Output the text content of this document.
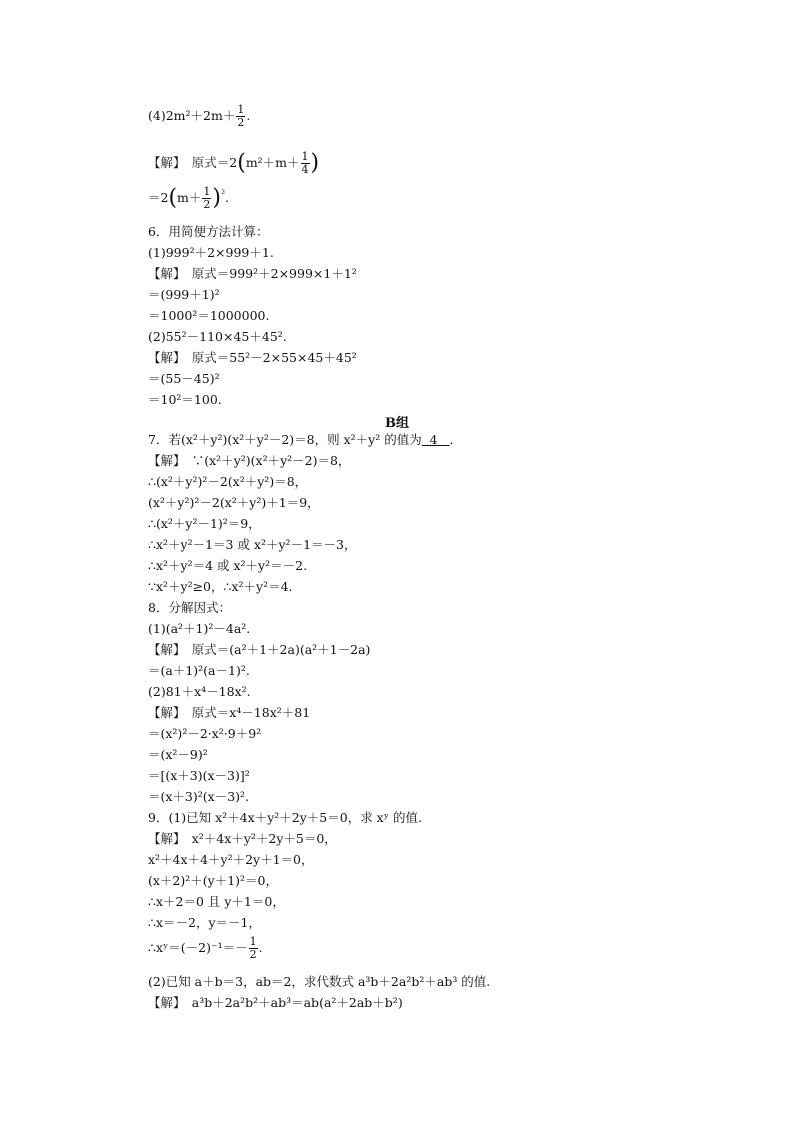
$(4)2m^2+2m+ \frac{1}{2}$ .
【解】　原式$=2(m^2+m+ \frac{1}{4}$ )
$=2(m+ \frac{1}{2} )^{^2}$.
6．用简便方法计算：
(1)999²＋2×999＋1.
【解】　原式＝999²＋2×999×1＋1²
＝(999＋1)²
＝1000²＝1000000.
(2)55²－110×45＋45².
【解】　原式＝55²－2×55×45＋45²
＝(55－45)²
＝10²＝100.
B组
7．若(x²＋y²)(x²＋y²－2)＝8，则 x²＋y² 的值为 4 .
【解】　∵(x²＋y²)(x²＋y²－2)＝8，
∴(x²＋y²)²－2(x²＋y²)＝8，
(x²＋y²)²－2(x²＋y²)＋1＝9，
∴(x²＋y²－1)²＝9，
∴x²＋y²－1＝3 或 x²＋y²－1＝－3，
∴x²＋y²＝4 或 x²＋y²＝－2.
∵x²＋y²≥0，∴x²＋y²＝4.
8．分解因式：
(1)(a²＋1)²－4a².
【解】　原式＝(a²＋1＋2a)(a²＋1－2a)
＝(a＋1)²(a－1)².
(2)81＋x⁴－18x².
【解】　原式＝x⁴－18x²＋81
＝(x²)²－2·x²·9＋9²
＝(x²－9)²
＝[(x＋3)(x－3)]²
＝(x＋3)²(x－3)².
9．(1)已知 x²＋4x＋y²＋2y＋5＝0，求 xʸ 的值.
【解】　x²＋4x＋y²＋2y＋5＝0，
x²＋4x＋4＋y²＋2y＋1＝0，
(x＋2)²＋(y＋1)²＝0，
∴x＋2＝0 且 y＋1＝0，
∴x＝－2，y＝－1，
∴xʸ＝(－2)⁻¹＝－ $\frac{1}{2}$ .
(2)已知 a＋b＝3，ab＝2，求代数式 a³b＋2a²b²＋ab³ 的值.
【解】　a³b＋2a²b²＋ab³＝ab(a²＋2ab＋b²)
